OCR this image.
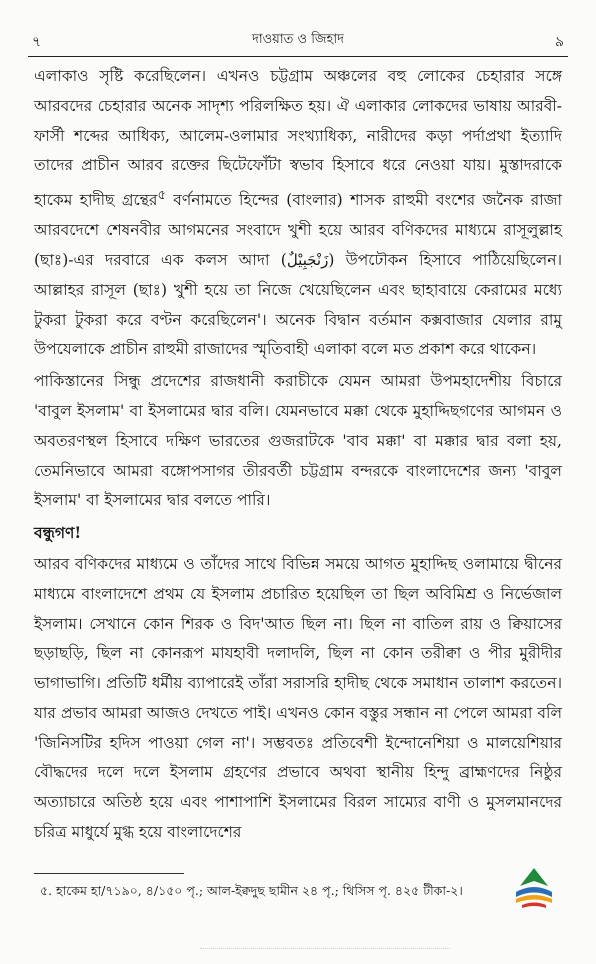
৭	দাওয়াত ও জিহাদ	৯

এলাকাও সৃষ্টি করেছিলেন। এখনও চট্টগ্রাম অঞ্চলের বহু লোকের চেহারার সঙ্গে আরবদের চেহারার অনেক সাদৃশ্য পরিলক্ষিত হয়। ঐ এলাকার লোকদের ভাষায় আরবী-ফার্সী শব্দের আধিক্য, আলেম-ওলামার সংখ্যাধিক্য, নারীদের কড়া পর্দাপ্রথা ইত্যাদি তাদের প্রাচীন আরব রক্তের ছিটেফোঁটা স্বভাব হিসাবে ধরে নেওয়া যায়। মুস্তাদরাকে হাকেম হাদীছ গ্রন্থের$^৫$ বর্ণনামতে হিন্দের (বাংলার) শাসক রাহুমী বংশের জনৈক রাজা আরবদেশে শেষনবীর আগমনের সংবাদে খুশী হয়ে আরব বণিকদের মাধ্যমে রাসূলুল্লাহ (ছাঃ)-এর দরবারে এক কলস আদা (زَنْجَبِيْلٌ) উপঢৌকন হিসাবে পাঠিয়েছিলেন। আল্লাহর রাসূল (ছাঃ) খুশী হয়ে তা নিজে খেয়েছিলেন এবং ছাহাবায়ে কেরামের মধ্যে টুকরা টুকরা করে বণ্টন করেছিলেন'। অনেক বিদ্বান বর্তমান কক্সবাজার যেলার রামু উপযেলাকে প্রাচীন রাহুমী রাজাদের স্মৃতিবাহী এলাকা বলে মত প্রকাশ করে থাকেন।

পাকিস্তানের সিন্ধু প্রদেশের রাজধানী করাচীকে যেমন আমরা উপমহাদেশীয় বিচারে 'বাবুল ইসলাম' বা ইসলামের দ্বার বলি। যেমনভাবে মক্কা থেকে মুহাদ্দিছগণের আগমন ও অবতরণস্থল হিসাবে দক্ষিণ ভারতের গুজরাটকে 'বাব মক্কা' বা মক্কার দ্বার বলা হয়, তেমনিভাবে আমরা বঙ্গোপসাগর তীরবর্তী চট্টগ্রাম বন্দরকে বাংলাদেশের জন্য 'বাবুল ইসলাম' বা ইসলামের দ্বার বলতে পারি।

বন্ধুগণ!

আরব বণিকদের মাধ্যমে ও তাঁদের সাথে বিভিন্ন সময়ে আগত মুহাদ্দিছ ওলামায়ে দ্বীনের মাধ্যমে বাংলাদেশে প্রথম যে ইসলাম প্রচারিত হয়েছিল তা ছিল অবিমিশ্র ও নির্ভেজাল ইসলাম। সেখানে কোন শিরক ও বিদ'আত ছিল না। ছিল না বাতিল রায় ও ক্বিয়াসের ছড়াছড়ি, ছিল না কোনরূপ মাযহাবী দলাদলি, ছিল না কোন তরীক্বা ও পীর মুরীদীর ভাগাভাগি। প্রতিটি ধর্মীয় ব্যাপারেই তাঁরা সরাসরি হাদীছ থেকে সমাধান তালাশ করতেন। যার প্রভাব আমরা আজও দেখতে পাই। এখনও কোন বস্তুর সন্ধান না পেলে আমরা বলি 'জিনিসটির হদিস পাওয়া গেল না'। সম্ভবতঃ প্রতিবেশী ইন্দোনেশিয়া ও মালয়েশিয়ার বৌদ্ধদের দলে দলে ইসলাম গ্রহণের প্রভাবে অথবা স্থানীয় হিন্দু ব্রাহ্মণদের নিষ্ঠুর অত্যাচারে অতিষ্ঠ হয়ে এবং পাশাপাশি ইসলামের বিরল সাম্যের বাণী ও মুসলমানদের চরিত্র মাধুর্যে মুগ্ধ হয়ে বাংলাদেশের

৫. হাকেম হা/৭১৯০, ৪/১৫০ পৃ.; আল-ইক্বদুছ ছামীন ২৪ পৃ.; থিসিস পৃ. ৪২৫ টীকা-২।
